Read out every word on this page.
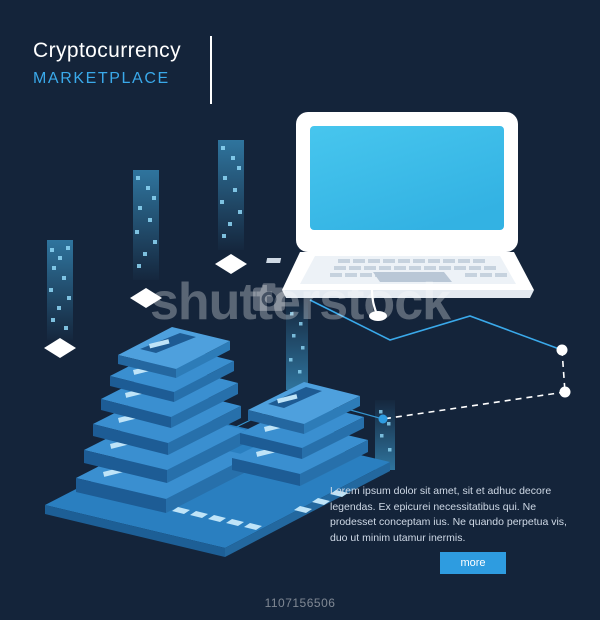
Cryptocurrency
MARKETPLACE
Lorem ipsum dolor sit amet, sit et adhuc decore legendas. Ex epicurei necessitatibus qui. Ne prodesset conceptam ius. Ne quando perpetua vis, duo ut minim utamur inermis.
more
shutterstock
1107156506
